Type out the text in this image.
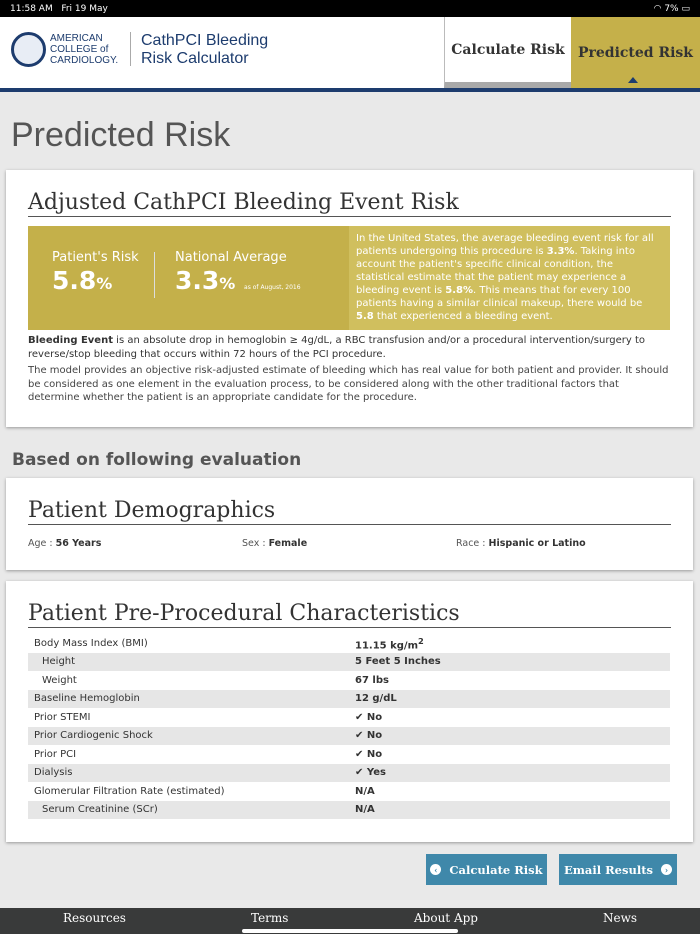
11:58 AM Fri 19 May	◠ 7% ▭
AMERICAN
COLLEGE of
CARDIOLOGY.
CathPCI Bleeding
Risk Calculator
Calculate Risk Predicted Risk
Predicted Risk
Adjusted CathPCI Bleeding Event Risk
Patient's Risk
5.8%
National Average
3.3% as of August, 2016
In the United States, the average bleeding event risk for all patients undergoing this procedure is 3.3%. Taking into account the patient's specific clinical condition, the statistical estimate that the patient may experience a bleeding event is 5.8%. This means that for every 100 patients having a similar clinical makeup, there would be 5.8 that experienced a bleeding event.
Bleeding Event is an absolute drop in hemoglobin ≥ 4g/dL, a RBC transfusion and/or a procedural intervention/surgery to reverse/stop bleeding that occurs within 72 hours of the PCI procedure.
The model provides an objective risk-adjusted estimate of bleeding which has real value for both patient and provider. It should be considered as one element in the evaluation process, to be considered along with the other traditional factors that determine whether the patient is an appropriate candidate for the procedure.
Based on following evaluation
Patient Demographics
Age : 56 Years	Sex : Female	Race : Hispanic or Latino
Patient Pre-Procedural Characteristics
Body Mass Index (BMI)	11.15 $kg/m^2$
Height	5 Feet 5 Inches
Weight	67 lbs
Baseline Hemoglobin	12 g/dL
Prior STEMI	✔ No
Prior Cardiogenic Shock	✔ No
Prior PCI	✔ No
Dialysis	✔ Yes
Glomerular Filtration Rate (estimated)	N/A
Serum Creatinine (SCr)	N/A
‹	Calculate Risk Email Results	›
Resources	Terms	About App	News
